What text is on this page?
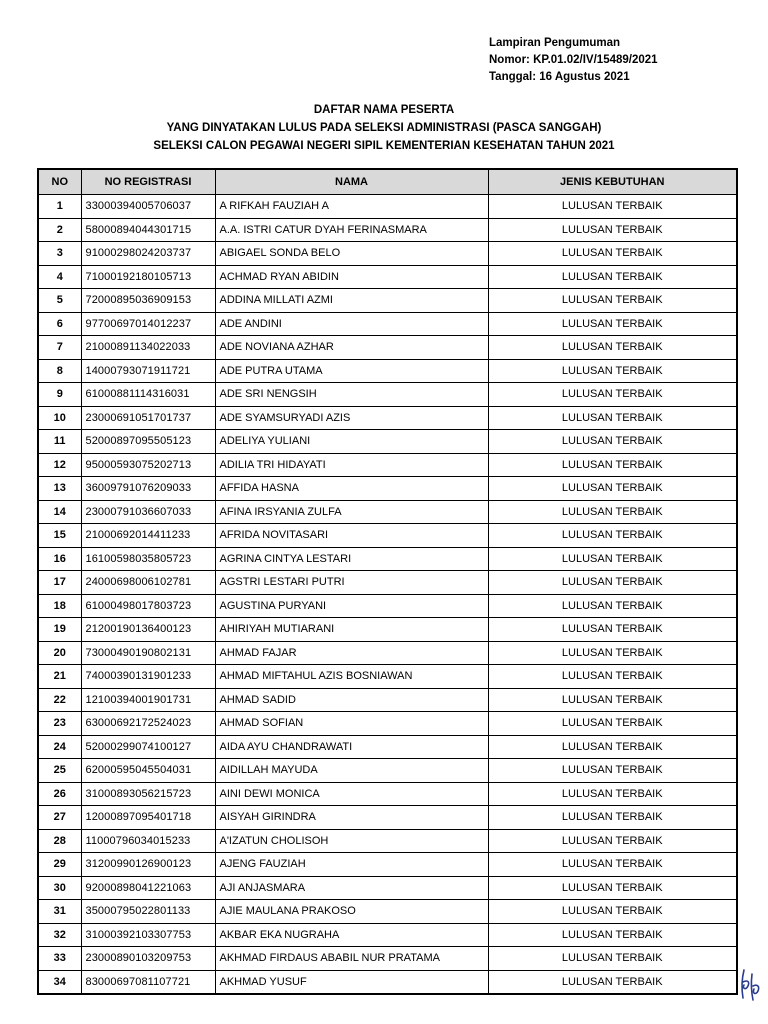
Lampiran Pengumuman
Nomor: KP.01.02/IV/15489/2021
Tanggal: 16 Agustus 2021
DAFTAR NAMA PESERTA
YANG DINYATAKAN LULUS PADA SELEKSI ADMINISTRASI (PASCA SANGGAH)
SELEKSI CALON PEGAWAI NEGERI SIPIL KEMENTERIAN KESEHATAN TAHUN 2021
NO	NO REGISTRASI	NAMA	JENIS KEBUTUHAN
1	33000394005706037	A RIFKAH FAUZIAH A	LULUSAN TERBAIK
2	58000894044301715	A.A. ISTRI CATUR DYAH FERINASMARA	LULUSAN TERBAIK
3	91000298024203737	ABIGAEL SONDA BELO	LULUSAN TERBAIK
4	71000192180105713	ACHMAD RYAN ABIDIN	LULUSAN TERBAIK
5	72000895036909153	ADDINA MILLATI AZMI	LULUSAN TERBAIK
6	97700697014012237	ADE ANDINI	LULUSAN TERBAIK
7	21000891134022033	ADE NOVIANA AZHAR	LULUSAN TERBAIK
8	14000793071911721	ADE PUTRA UTAMA	LULUSAN TERBAIK
9	61000881114316031	ADE SRI NENGSIH	LULUSAN TERBAIK
10	23000691051701737	ADE SYAMSURYADI AZIS	LULUSAN TERBAIK
11	52000897095505123	ADELIYA YULIANI	LULUSAN TERBAIK
12	95000593075202713	ADILIA TRI HIDAYATI	LULUSAN TERBAIK
13	36009791076209033	AFFIDA HASNA	LULUSAN TERBAIK
14	23000791036607033	AFINA IRSYANIA ZULFA	LULUSAN TERBAIK
15	21000692014411233	AFRIDA NOVITASARI	LULUSAN TERBAIK
16	16100598035805723	AGRINA CINTYA LESTARI	LULUSAN TERBAIK
17	24000698006102781	AGSTRI LESTARI PUTRI	LULUSAN TERBAIK
18	61000498017803723	AGUSTINA PURYANI	LULUSAN TERBAIK
19	21200190136400123	AHIRIYAH MUTIARANI	LULUSAN TERBAIK
20	73000490190802131	AHMAD FAJAR	LULUSAN TERBAIK
21	74000390131901233	AHMAD MIFTAHUL AZIS BOSNIAWAN	LULUSAN TERBAIK
22	12100394001901731	AHMAD SADID	LULUSAN TERBAIK
23	63000692172524023	AHMAD SOFIAN	LULUSAN TERBAIK
24	52000299074100127	AIDA AYU CHANDRAWATI	LULUSAN TERBAIK
25	62000595045504031	AIDILLAH MAYUDA	LULUSAN TERBAIK
26	31000893056215723	AINI DEWI MONICA	LULUSAN TERBAIK
27	12000897095401718	AISYAH GIRINDRA	LULUSAN TERBAIK
28	11000796034015233	A'IZATUN CHOLISOH	LULUSAN TERBAIK
29	31200990126900123	AJENG FAUZIAH	LULUSAN TERBAIK
30	92000898041221063	AJI ANJASMARA	LULUSAN TERBAIK
31	35000795022801133	AJIE MAULANA PRAKOSO	LULUSAN TERBAIK
32	31000392103307753	AKBAR EKA NUGRAHA	LULUSAN TERBAIK
33	23000890103209753	AKHMAD FIRDAUS ABABIL NUR PRATAMA	LULUSAN TERBAIK
34	83000697081107721	AKHMAD YUSUF	LULUSAN TERBAIK
